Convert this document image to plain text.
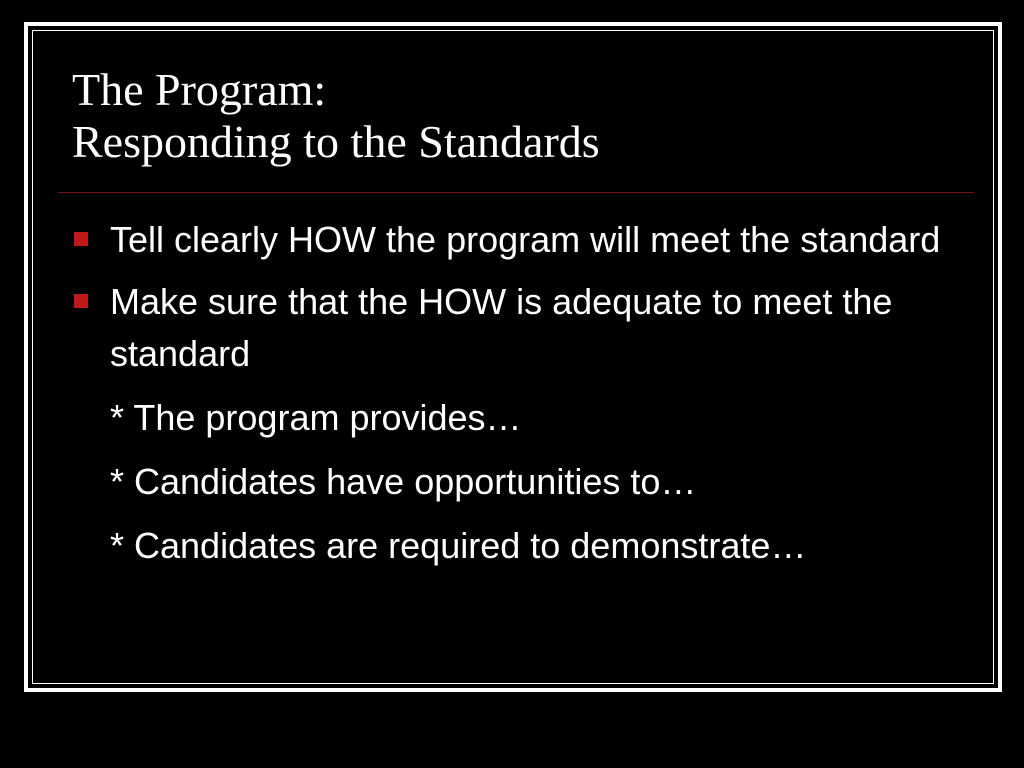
The Program:
Responding to the Standards
Tell clearly HOW the program will meet the standard
Make sure that the HOW is adequate to meet the standard
* The program provides…
* Candidates have opportunities to…
* Candidates are required to demonstrate…
